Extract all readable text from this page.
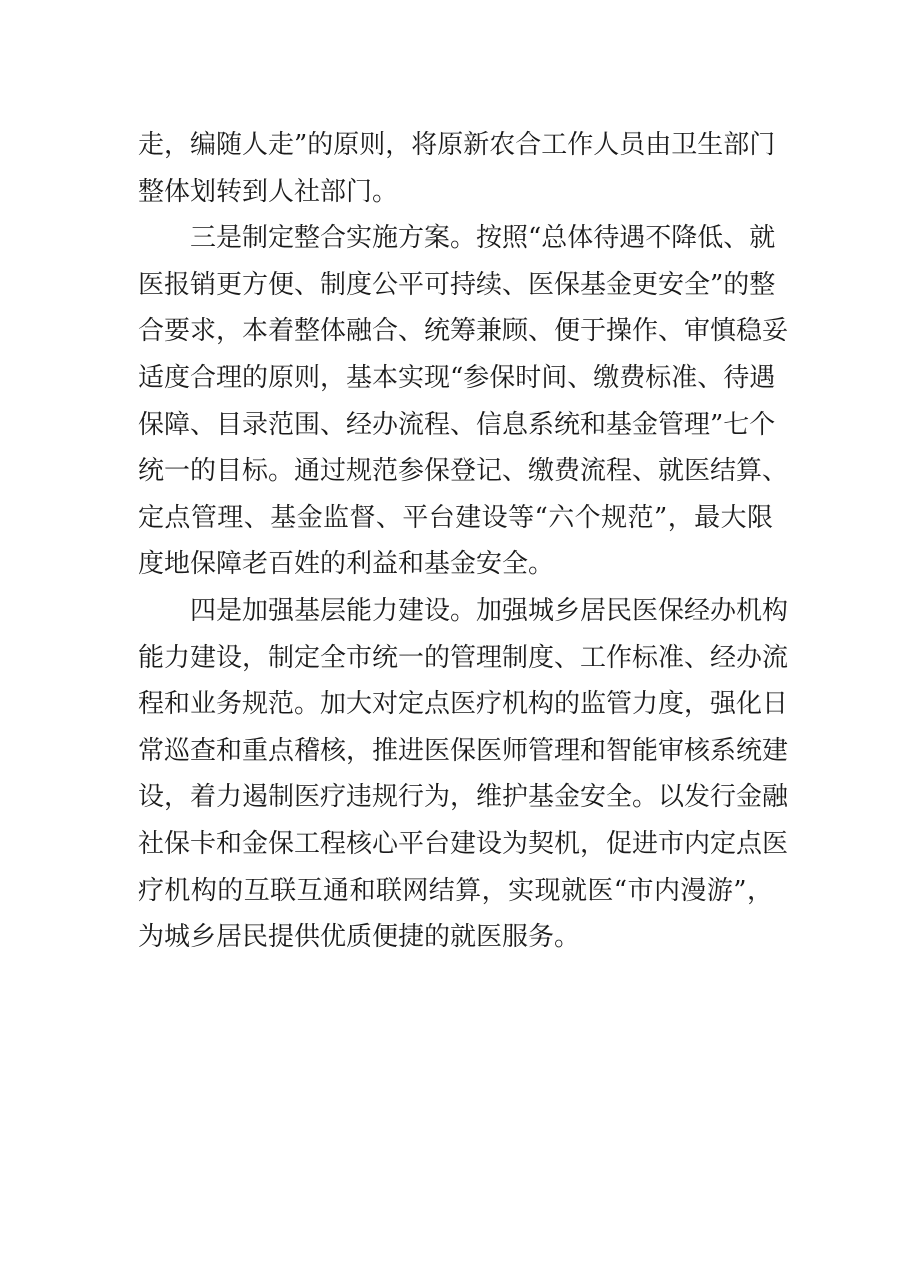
走，编随人走”的原则，将原新农合工作人员由卫生部门
整体划转到人社部门。
三是制定整合实施方案。按照“总体待遇不降低、就
医报销更方便、制度公平可持续、医保基金更安全”的整
合要求，本着整体融合、统筹兼顾、便于操作、审慎稳妥
适度合理的原则，基本实现“参保时间、缴费标准、待遇
保障、目录范围、经办流程、信息系统和基金管理”七个
统一的目标。通过规范参保登记、缴费流程、就医结算、
定点管理、基金监督、平台建设等“六个规范”，最大限
度地保障老百姓的利益和基金安全。
四是加强基层能力建设。加强城乡居民医保经办机构
能力建设，制定全市统一的管理制度、工作标准、经办流
程和业务规范。加大对定点医疗机构的监管力度，强化日
常巡查和重点稽核，推进医保医师管理和智能审核系统建
设，着力遏制医疗违规行为，维护基金安全。以发行金融
社保卡和金保工程核心平台建设为契机，促进市内定点医
疗机构的互联互通和联网结算，实现就医“市内漫游”，
为城乡居民提供优质便捷的就医服务。
